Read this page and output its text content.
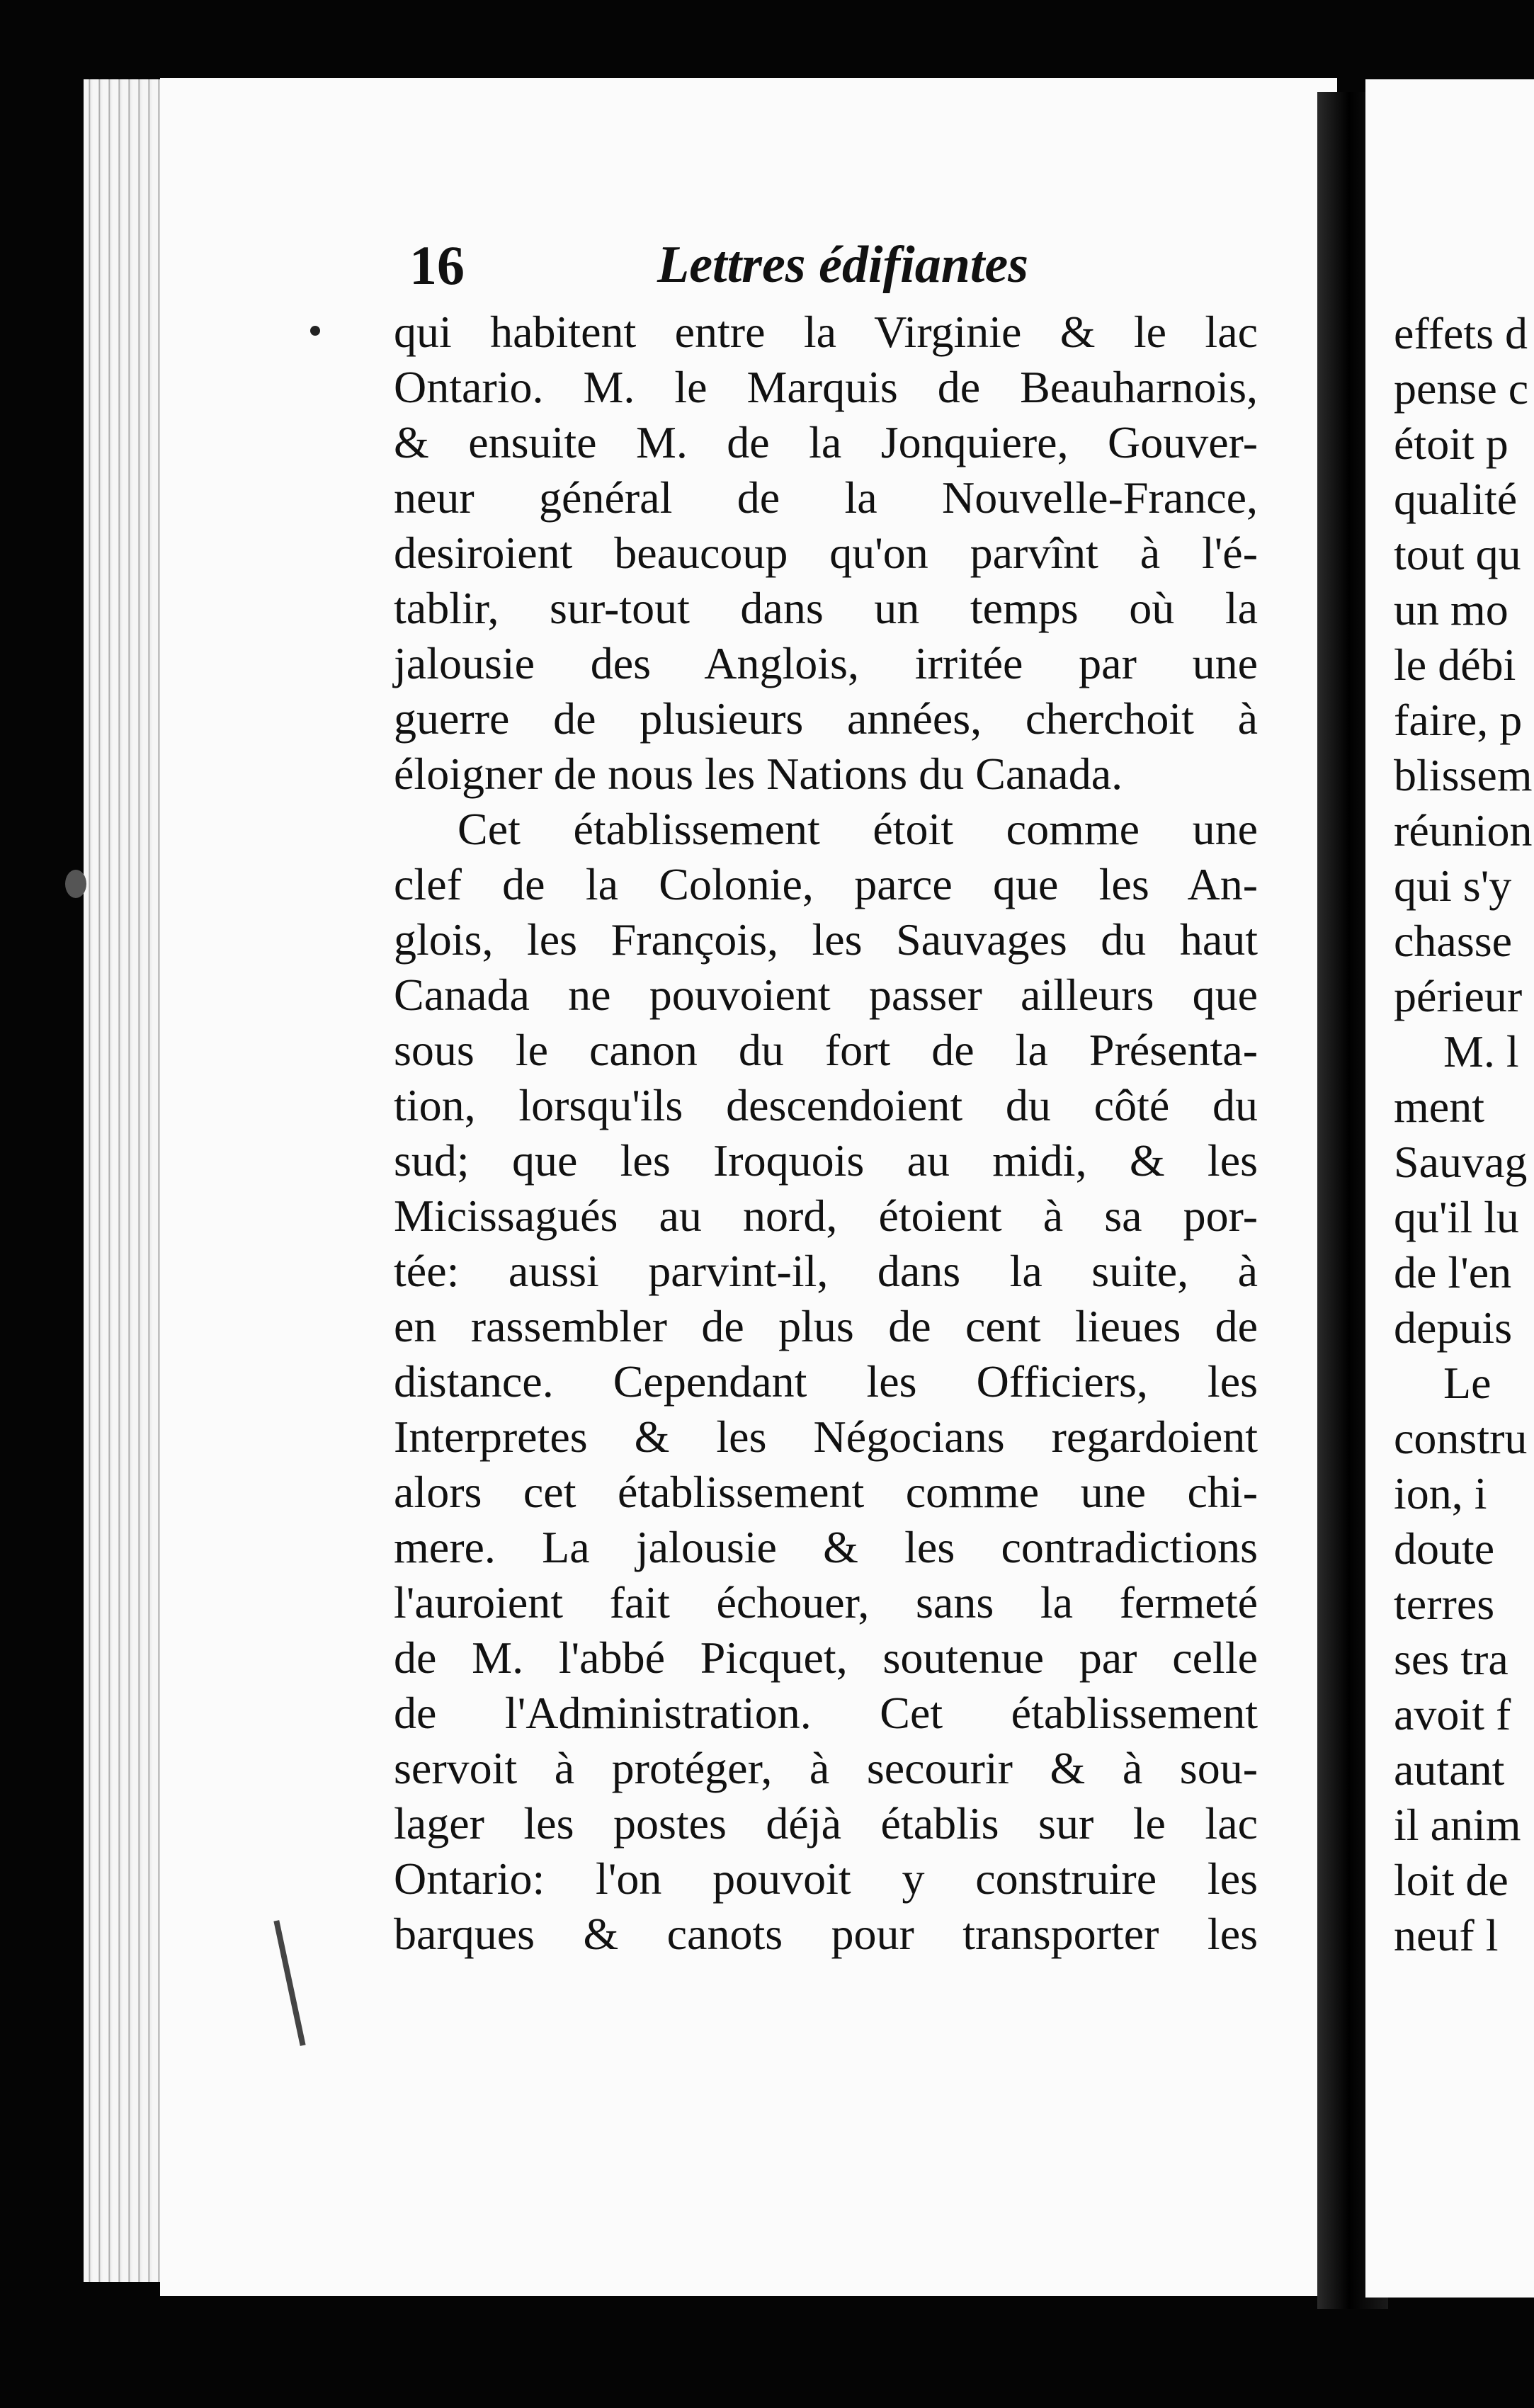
16	Lettres édifiantes
qui habitent entre la Virginie & le lac
Ontario. M. le Marquis de Beauharnois,
& ensuite M. de la Jonquiere, Gouver-
neur général de la Nouvelle-France,
desiroient beaucoup qu'on parvînt à l'é-
tablir, sur-tout dans un temps où la
jalousie des Anglois, irritée par une
guerre de plusieurs années, cherchoit à
éloigner de nous les Nations du Canada.
Cet établissement étoit comme une
clef de la Colonie, parce que les An-
glois, les François, les Sauvages du haut
Canada ne pouvoient passer ailleurs que
sous le canon du fort de la Présenta-
tion, lorsqu'ils descendoient du côté du
sud; que les Iroquois au midi, & les
Micissagués au nord, étoient à sa por-
tée: aussi parvint-il, dans la suite, à
en rassembler de plus de cent lieues de
distance. Cependant les Officiers, les
Interpretes & les Négocians regardoient
alors cet établissement comme une chi-
mere. La jalousie & les contradictions
l'auroient fait échouer, sans la fermeté
de M. l'abbé Picquet, soutenue par celle
de l'Administration. Cet établissement
servoit à protéger, à secourir & à sou-
lager les postes déjà établis sur le lac
Ontario: l'on pouvoit y construire les
barques & canots pour transporter les
effets d
pense c
étoit p
qualité
tout qu
un mo
le débi
faire, p
blissem
réunion
qui s'y
chasse
périeur
M. l
ment
Sauvag
qu'il lu
de l'en
depuis
Le
constru
ion, i
doute
terres
ses tra
avoit f
autant
il anim
loit de
neuf l
